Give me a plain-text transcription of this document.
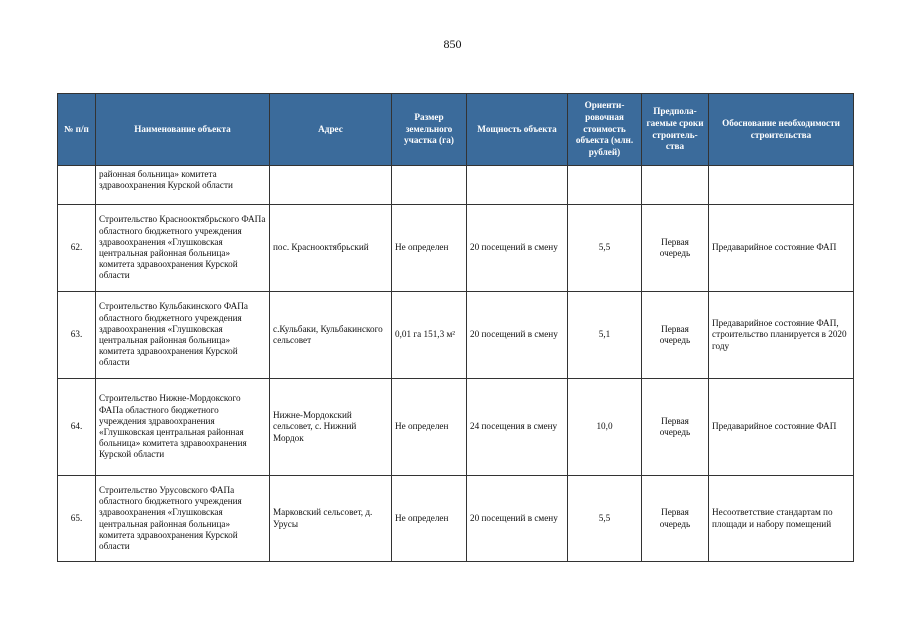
850
№ п/п	Наименование объекта	Адрес	Размер земельного участка (га)	Мощность объекта	Ориенти-ровочная стоимость объекта (млн. рублей)	Предпола-гаемые сроки строитель-ства	Обоснование необходимости строительства
	районная больница» комитета здравоохранения Курской области						
62.	Строительство Краснооктябрьского ФАПа областного бюджетного учреждения здравоохранения «Глушковская центральная районная больница» комитета здравоохранения Курской области	пос. Краснооктябрьский	Не определен	20 посещений в смену	5,5	Первая очередь	Предаварийное состояние ФАП
63.	Строительство Кульбакинского ФАПа областного бюджетного учреждения здравоохранения «Глушковская центральная районная больница» комитета здравоохранения Курской области	с.Кульбаки, Кульбакинского сельсовет	0,01 га 151,3 м²	20 посещений в смену	5,1	Первая очередь	Предаварийное состояние ФАП, строительство планируется в 2020 году
64.	Строительство Нижне-Мордокского ФАПа областного бюджетного учреждения здравоохранения «Глушковская центральная районная больница» комитета здравоохранения Курской области	Нижне-Мордокский сельсовет, с. Нижний Мордок	Не определен	24 посещения в смену	10,0	Первая очередь	Предаварийное состояние ФАП
65.	Строительство Урусовского ФАПа областного бюджетного учреждения здравоохранения «Глушковская центральная районная больница» комитета здравоохранения Курской области	Марковский сельсовет, д. Урусы	Не определен	20 посещений в смену	5,5	Первая очередь	Несоответствие стандартам по площади и набору помещений
